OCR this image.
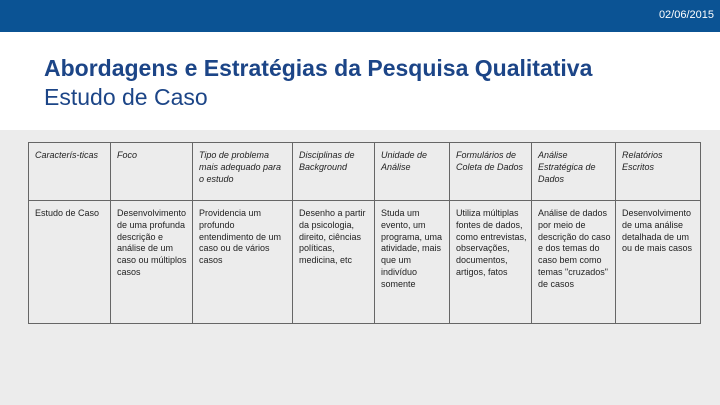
02/06/2015
Abordagens e Estratégias da Pesquisa Qualitativa
Estudo de Caso
Caracterís-ticas	Foco	Tipo de problema mais adequado para o estudo	Disciplinas de Background	Unidade de Análise	Formulários de Coleta de Dados	Análise Estratégica de Dados	Relatórios Escritos
Estudo de Caso	Desenvolvimento de uma profunda descrição e análise de um caso ou múltiplos casos	Providencia um profundo entendimento de um caso ou de vários casos	Desenho a partir da psicologia, direito, ciências políticas, medicina, etc	Studa um evento, um programa, uma atividade, mais que um indivíduo somente	Utiliza múltiplas fontes de dados, como entrevistas, observações, documentos, artigos, fatos	Análise de dados por meio de descrição do caso e dos temas do caso bem como temas "cruzados" de casos	Desenvolvimento de uma análise detalhada de um ou de mais casos
